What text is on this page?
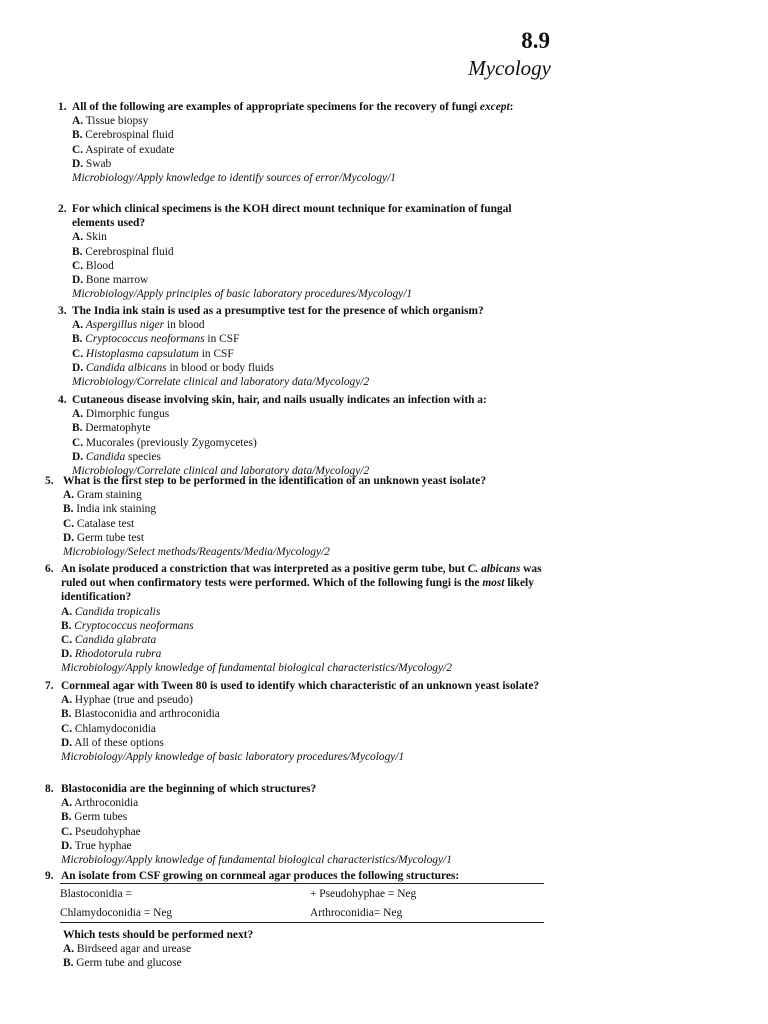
8.9
Mycology
1. All of the following are examples of appropriate specimens for the recovery of fungi except:
A. Tissue biopsy
B. Cerebrospinal fluid
C. Aspirate of exudate
D. Swab
Microbiology/Apply knowledge to identify sources of error/Mycology/1
2. For which clinical specimens is the KOH direct mount technique for examination of fungal elements used?
A. Skin
B. Cerebrospinal fluid
C. Blood
D. Bone marrow
Microbiology/Apply principles of basic laboratory procedures/Mycology/1
3. The India ink stain is used as a presumptive test for the presence of which organism?
A. Aspergillus niger in blood
B. Cryptococcus neoformans in CSF
C. Histoplasma capsulatum in CSF
D. Candida albicans in blood or body fluids
Microbiology/Correlate clinical and laboratory data/Mycology/2
4. Cutaneous disease involving skin, hair, and nails usually indicates an infection with a:
A. Dimorphic fungus
B. Dermatophyte
C. Mucorales (previously Zygomycetes)
D. Candida species
Microbiology/Correlate clinical and laboratory data/Mycology/2
5. What is the first step to be performed in the identification of an unknown yeast isolate?
A. Gram staining
B. India ink staining
C. Catalase test
D. Germ tube test
Microbiology/Select methods/Reagents/Media/Mycology/2
6. An isolate produced a constriction that was interpreted as a positive germ tube, but C. albicans was ruled out when confirmatory tests were performed. Which of the following fungi is the most likely identification?
A. Candida tropicalis
B. Cryptococcus neoformans
C. Candida glabrata
D. Rhodotorula rubra
Microbiology/Apply knowledge of fundamental biological characteristics/Mycology/2
7. Cornmeal agar with Tween 80 is used to identify which characteristic of an unknown yeast isolate?
A. Hyphae (true and pseudo)
B. Blastoconidia and arthroconidia
C. Chlamydoconidia
D. All of these options
Microbiology/Apply knowledge of basic laboratory procedures/Mycology/1
8. Blastoconidia are the beginning of which structures?
A. Arthroconidia
B. Germ tubes
C. Pseudohyphae
D. True hyphae
Microbiology/Apply knowledge of fundamental biological characteristics/Mycology/1
9. An isolate from CSF growing on cornmeal agar produces the following structures:
Blastoconidia =	+ Pseudohyphae = Neg
Chlamydoconidia = Neg	Arthroconidia= Neg
Which tests should be performed next?
A. Birdseed agar and urease
B. Germ tube and glucose
